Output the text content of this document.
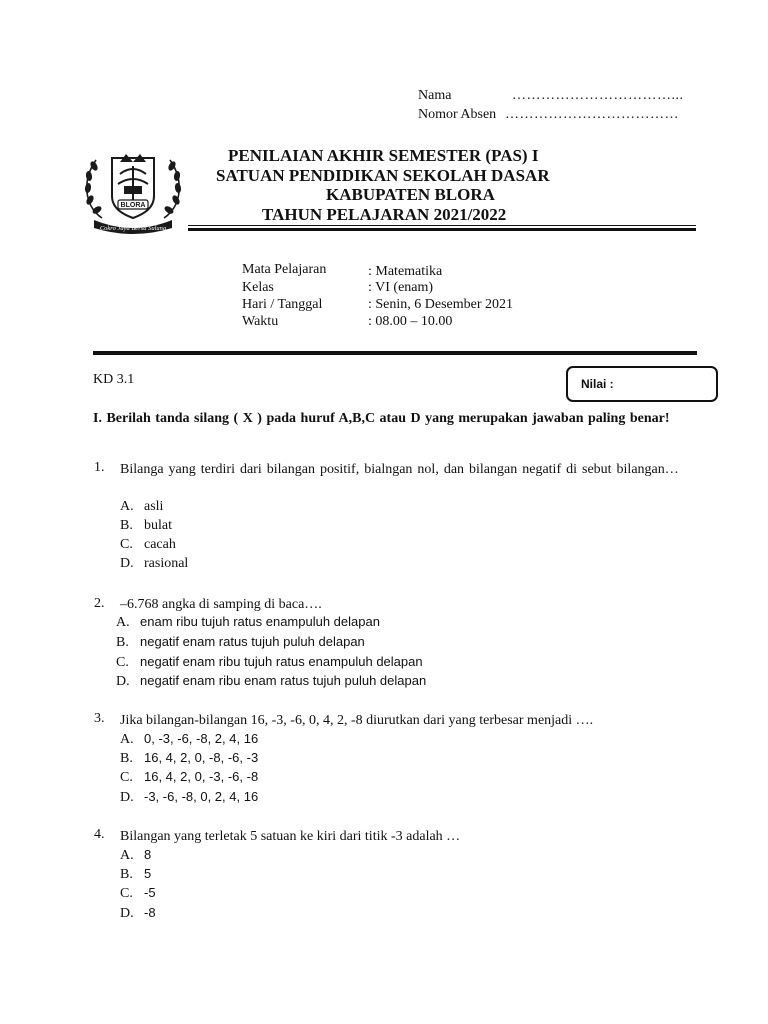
Nama	……………………………...
Nomor Absen ………………………………
BLORA
Cokro Jaya Bersa Sulung
PENILAIAN AKHIR SEMESTER (PAS) I
SATUAN PENDIDIKAN SEKOLAH DASAR
KABUPATEN BLORA
TAHUN PELAJARAN 2021/2022
Mata Pelajaran	: Matematika
Kelas	: VI (enam)
Hari / Tanggal	: Senin, 6 Desember 2021
Waktu	: 08.00 – 10.00
KD 3.1	Nilai :
I. Berilah tanda silang ( X ) pada huruf A,B,C atau D yang merupakan jawaban paling benar!
1. Bilanga yang terdiri dari bilangan positif, bialngan nol, dan bilangan negatif di sebut bilangan…
A. asli
B. bulat
C. cacah
D. rasional
2. –6.768 angka di samping di baca….
A. enam ribu tujuh ratus enampuluh delapan
B. negatif enam ratus tujuh puluh delapan
C. negatif enam ribu tujuh ratus enampuluh delapan
D. negatif enam ribu enam ratus tujuh puluh delapan
3. Jika bilangan-bilangan 16, -3, -6, 0, 4, 2, -8 diurutkan dari yang terbesar menjadi ….
A. 0, -3, -6, -8, 2, 4, 16
B. 16, 4, 2, 0, -8, -6, -3
C. 16, 4, 2, 0, -3, -6, -8
D. -3, -6, -8, 0, 2, 4, 16
4. Bilangan yang terletak 5 satuan ke kiri dari titik -3 adalah …
A. 8
B. 5
C. -5
D. -8
